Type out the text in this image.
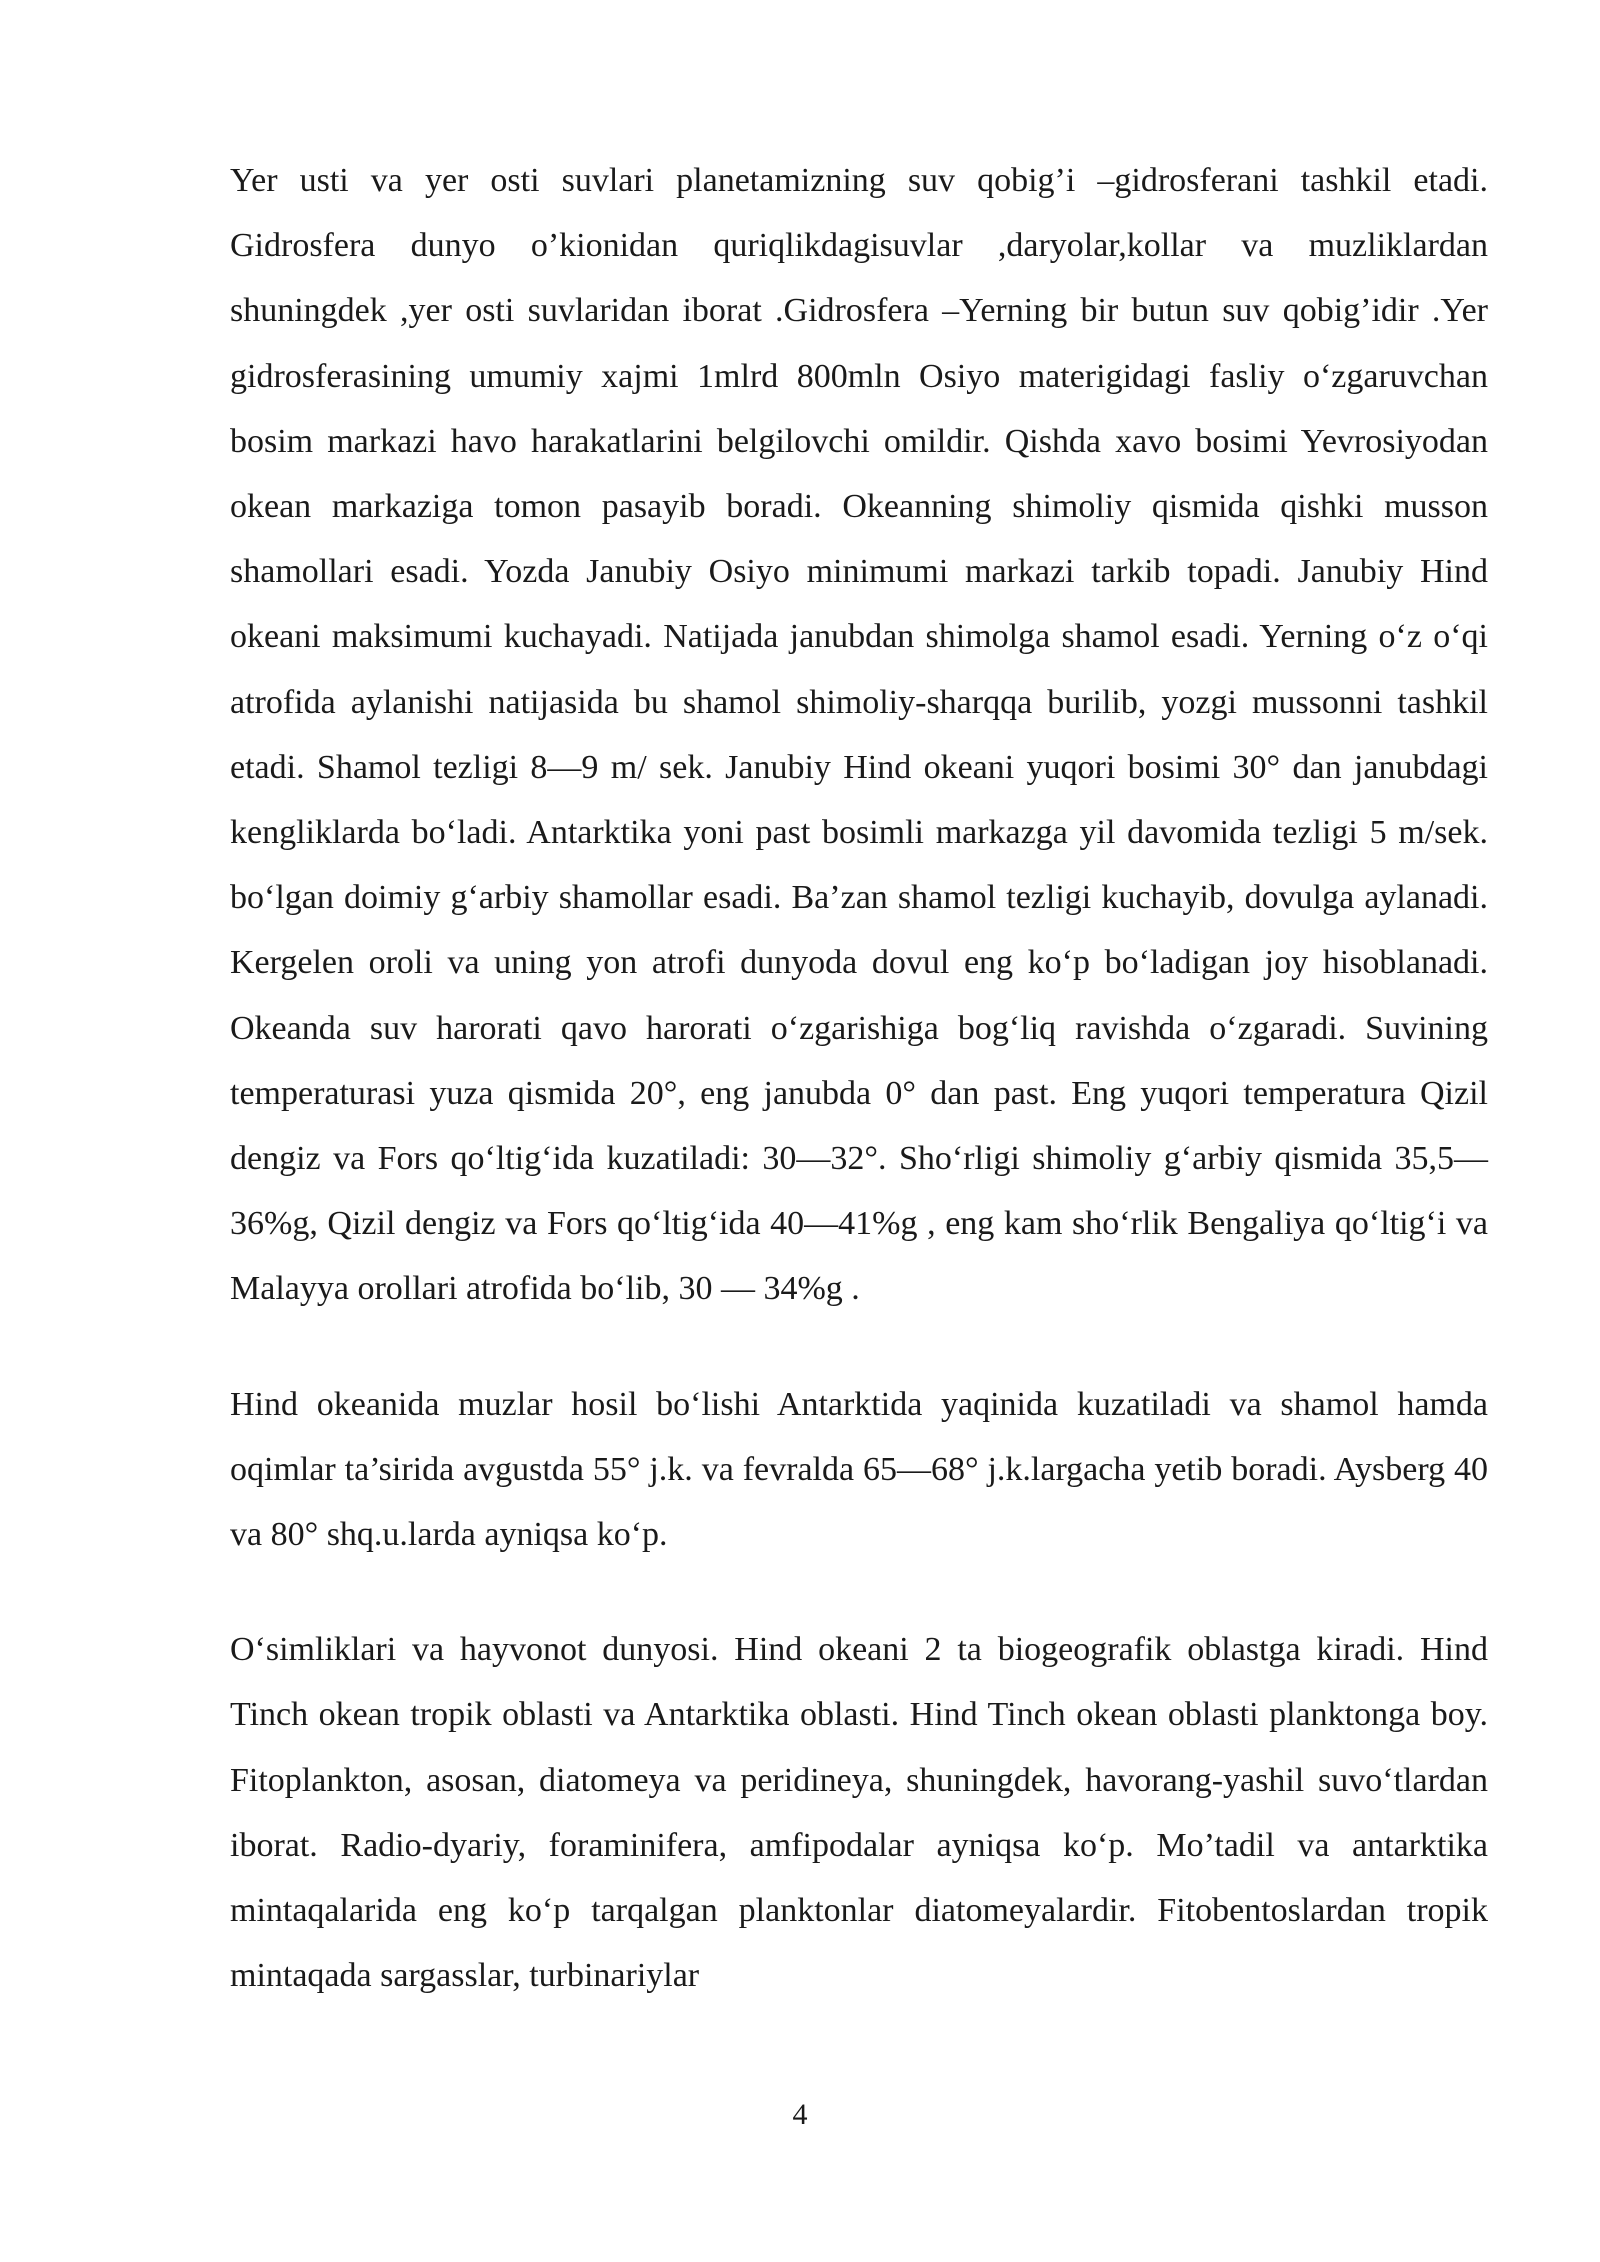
Yer usti va yer osti suvlari planetamizning suv qobig’i –gidrosferani tashkil etadi. Gidrosfera dunyo o’kionidan quriqlikdagisuvlar ,daryolar,kollar va muzliklardan shuningdek ,yer osti suvlaridan iborat .Gidrosfera –Yerning bir butun suv qobig’idir .Yer gidrosferasining umumiy xajmi 1mlrd 800mln Osiyo materigidagi fasliy o‘zgaruvchan bosim markazi havo harakatlarini belgilovchi omildir. Qishda xavo bosimi Yevrosiyodan okean markaziga tomon pasayib boradi. Okeanning shimoliy qismida qishki musson shamollari esadi. Yozda Janubiy Osiyo minimumi markazi tarkib topadi. Janubiy Hind okeani maksimumi kuchayadi. Natijada janubdan shimolga shamol esadi. Yerning o‘z o‘qi atrofida aylanishi natijasida bu shamol shimoliy-sharqqa burilib, yozgi mussonni tashkil etadi. Shamol tezligi 8—9 m/ sek. Janubiy Hind okeani yuqori bosimi 30° dan janubdagi kengliklarda bo‘ladi. Antarktika yoni past bosimli markazga yil davomida tezligi 5 m/sek. bo‘lgan doimiy g‘arbiy shamollar esadi. Ba’zan shamol tezligi kuchayib, dovulga aylanadi. Kergelen oroli va uning yon atrofi dunyoda dovul eng ko‘p bo‘ladigan joy hisoblanadi. Okeanda suv harorati qavo harorati o‘zgarishiga bog‘liq ravishda o‘zgaradi. Suvining temperaturasi yuza qismida 20°, eng janubda 0° dan past. Eng yuqori temperatura Qizil dengiz va Fors qo‘ltig‘ida kuzatiladi: 30—32°. Sho‘rligi shimoliy g‘arbiy qismida 35,5— 36%g, Qizil dengiz va Fors qo‘ltig‘ida 40—41%g , eng kam sho‘rlik Bengaliya qo‘ltig‘i va Malayya orollari atrofida bo‘lib, 30 — 34%g .

Hind okeanida muzlar hosil bo‘lishi Antarktida yaqinida kuzatiladi va shamol hamda oqimlar ta’sirida avgustda 55° j.k. va fevralda 65—68° j.k.largacha yetib boradi. Aysberg 40 va 80° shq.u.larda ayniqsa ko‘p.

O‘simliklari va hayvonot dunyosi. Hind okeani 2 ta biogeografik oblastga kiradi. Hind Tinch okean tropik oblasti va Antarktika oblasti. Hind Tinch okean oblasti planktonga boy. Fitoplankton, asosan, diatomeya va peridineya, shuningdek, havorang-yashil suvo‘tlardan iborat. Radio-dyariy, foraminifera, amfipodalar ayniqsa ko‘p. Mo’tadil va antarktika mintaqalarida eng ko‘p tarqalgan planktonlar diatomeyalardir. Fitobentoslardan tropik mintaqada sargasslar, turbinariylar

4
